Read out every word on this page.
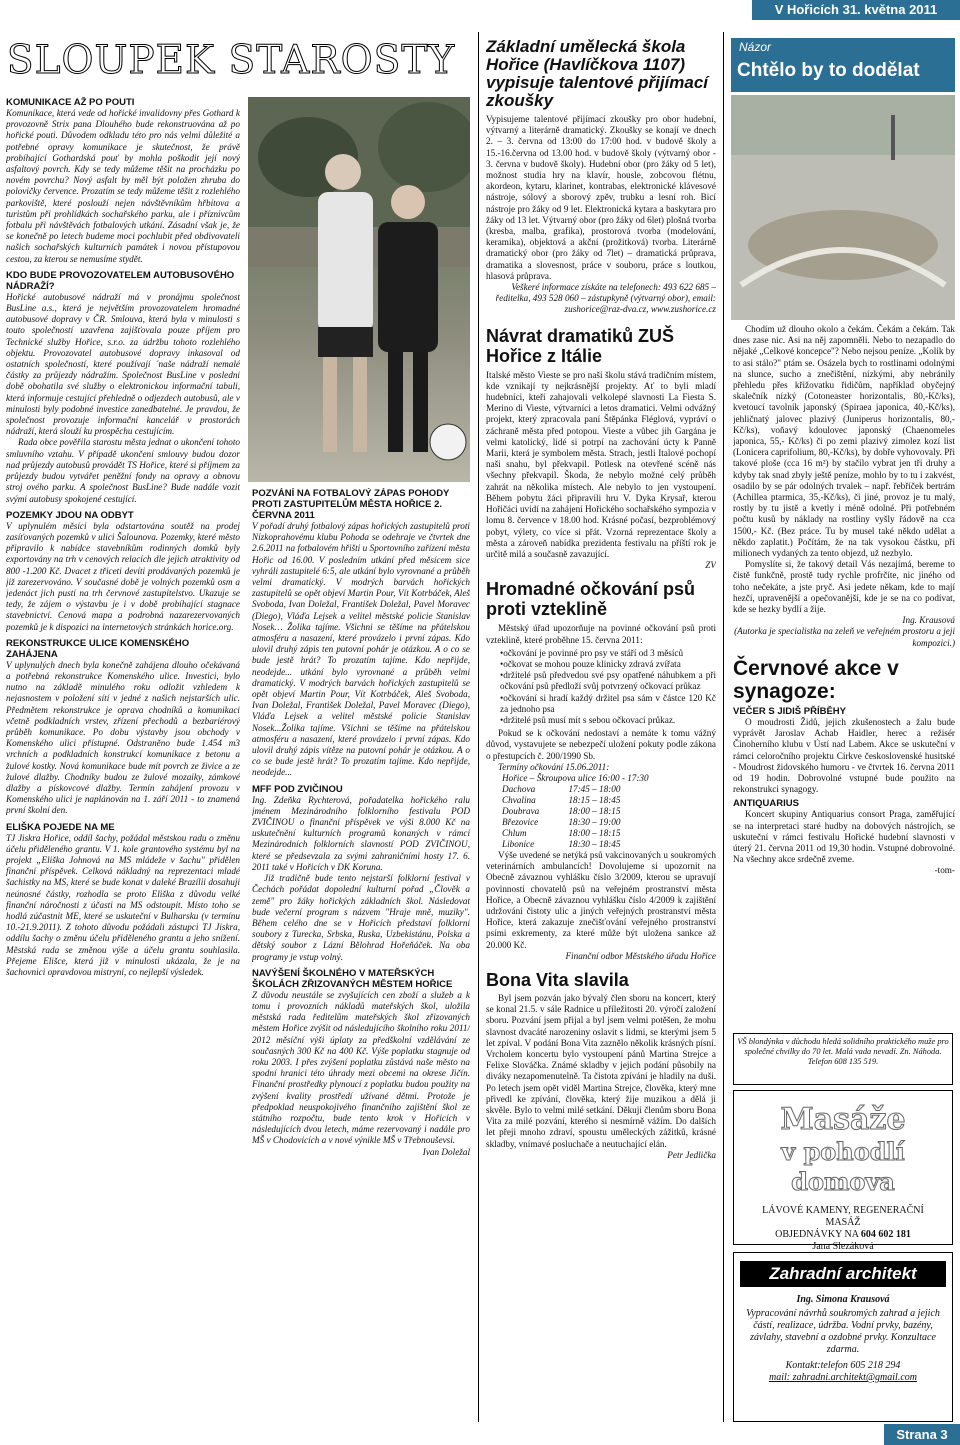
V Hořicích 31. května 2011
SLOUPEK STAROSTY
KOMUNIKACE AŽ PO POUTI

Komunikace, která vede od hořické invalidovny přes Gothard k provozovně Strix pana Dlouhého bude rekonstruována až po hořické pouti. Důvodem odkladu této pro nás velmi důležité a potřebné opravy komunikace je skutečnost, že právě probíhající Gothardská pouť by mohla poškodit její nový asfaltový povrch. Kdy se tedy můžeme těšit na procházku po novém povrchu? Nový asfalt by měl být položen zhruba do polovičky července. Prozatím se tedy můžeme těšit z rozlehlého parkoviště, které poslouží nejen návštěvníkům hřbitova a turistům při prohlídkách sochařského parku, ale i příznivcům fotbalu při návštěvách fotbalových utkání. Zásadní však je, že se konečně po letech budeme moci pochlubit před obdivovateli našich sochařských kulturních památek i novou přístupovou cestou, za kterou se nemusíme stydět.

KDO BUDE PROVOZOVATELEM AUTOBUSOVÉHO NÁDRAŽÍ?

Hořické autobusové nádraží má v pronájmu společnost BusLine a.s., která je největším provozovatelem hromadné autobusové dopravy v ČR. Smlouva, která byla v minulosti s touto společností uzavřena zajišťovala pouze příjem pro Technické služby Hořice, s.r.o. za údržbu tohoto rozlehlého objektu. Provozovatel autobusové dopravy inkasoval od ostatních společností, které používají ´naše nádraží nemalé částky za průjezdy nádražím. Společnost BusLine v poslední době obohatila své služby o elektronickou informační tabuli, která informuje cestující přehledně o odjezdech autobusů, ale v minulosti byly podobné investice zanedbatelné. Je pravdou, že společnost provozuje informační kancelář v prostorách nádraží, která slouží ku prospěchu cestujícím.

Rada obce pověřila starostu města jednat o ukončení tohoto smluvního vztahu. V případě ukončení smlouvy budou dozor nad průjezdy autobusů provádět TS Hořice, které si příjmem za průjezdy budou vytvářet peněžní fondy na opravy a obnovu stroj ového parku. A společnost BusLine? Bude nadále vozit svými autobusy spokojené cestující.

POZEMKY JDOU NA ODBYT

V uplynulém měsíci byla odstartována soutěž na prodej zasíťovaných pozemků v ulici Šalounova. Pozemky, které město připravilo k nabídce stavebníkům rodinných domků byly exportovány na trh v cenových relacích dle jejich atraktivity od 800 -1.200 Kč. Dvacet z třiceti devíti prodávaných pozemků je již zarezervováno. V současné době je volných pozemků osm a jedenáct jich pustí na trh červnové zastupitelstvo. Ukazuje se tedy, že zájem o výstavbu je i v době probíhající stagnace stavebnictví. Cenová mapa a podrobná nazarezervovaných pozemků je k dispozici na internetových stránkách horice.org.

REKONSTRUKCE ULICE KOMENSKÉHO ZAHÁJENA

V uplynulých dnech byla konečně zahájena dlouho očekávaná a potřebná rekonstrukce Komenského ulice. Investici, bylo nutno na základě minulého roku odložit vzhledem k nejasnostem v položení sítí v jedné z našich nejstarších ulic. Předmětem rekonstrukce je oprava chodníků a komunikací včetně podkladních vrstev, zřízení přechodů a bezbariérový průběh komunikace. Po dobu výstavby jsou obchody v Komenského ulici přístupné. Odstraněno bude 1.454 m3 vrchních a podkladních konstrukcí komunikace z betonu a žulové kostky. Nová komunikace bude mít povrch ze živice a ze žulové dlažby. Chodníky budou ze žulové mozaiky, zámkové dlažby a pískovcové dlažby. Termín zahájení provozu v Komenského ulici je naplánován na 1. září 2011 - to znamená první školní den.

ELIŠKA POJEDE NA ME

TJ Jiskra Hořice, oddíl šachy, požádal městskou radu o změnu účelu přiděleného grantu. V 1. kole grantového systému byl na projekt „Eliška Johnová na MS mládeže v šachu" přidělen finanční příspěvek. Celková nákladný na reprezentaci mladé šachistky na MS, které se bude konat v daleké Brazílii dosahují neúnosné částky, rozhodla se proto Eliška z důvodu velké finanční náročnosti z účasti na MS odstoupit. Místo toho se hodlá zúčastnit ME, které se uskuteční v Bulharsku (v termínu 10.-21.9.2011). Z tohoto důvodu požádali zástupci TJ Jiskra, oddílu šachy o změnu účelu přiděleného grantu a jeho snížení. Městská rada se změnou výše a účelu grantu souhlasila. Přejeme Elišce, která již v minulosti ukázala, že je na šachovnici opravdovou mistryní, co nejlepší výsledek.

POZVÁNÍ NA FOTBALOVÝ ZÁPAS POHODY PROTI ZASTUPITELŮM MĚSTA HOŘICE 2. ČERVNA 2011

V pořadí druhý fotbalový zápas hořických zastupitelů proti Nízkoprahovému klubu Pohoda se odehraje ve čtvrtek dne 2.6.2011 na fotbalovém hřišti u Sportovního zařízení města Hořic od 16.00. V posledním utkání před měsícem sice vyhráli zastupitelé 6:5, ale utkání bylo vyrovnané a průběh velmi dramatický. V modrých barvách hořických zastupitelů se opět objeví Martin Pour, Vít Kotrbáček, Aleš Svoboda, Ivan Doležal, František Doležal, Pavel Moravec (Diego), Vláďa Lejsek a velitel městské policie Stanislav Nosek… Žolika tajíme. Všichni se těšíme na přátelskou atmosféru a nasazení, které provázelo i první zápas. Kdo ulovil druhý zápis ten putovní pohár je otázkou. A o co se bude jestě hrát? To prozatím tajíme. Kdo nepřijde, neodejde... utkání bylo vyrovnané a průběh velmi dramatický. V modrých barvách hořických zastupitelů se opět objeví Martin Pour, Vít Kotrbáček, Aleš Svoboda, Ivan Doležal, František Doležal, Pavel Moravec (Diego), Vláďa Lejsek a velitel městské policie Stanislav Nosek...Žolika tajíme. Všichni se těšíme na přátelskou atmosféru a nasazení, které provázelo i první zápas. Kdo ulovil druhý zápis vítěze na putovní pohár je otázkou. A o co se bude jestě hrát? To prozatím tajíme. Kdo nepřijde, neodejde...

MFF POD ZVIČINOU

Ing. Zdeňka Rychterová, pořadatelka hořického ralu jménem Mezinárodního folklorního festivalu POD ZVIČINOU o finanční příspěvek ve výši 8.000 Kč na uskutečnění kulturních programů konaných v rámci Mezinárodních folklorních slavností POD ZVIČINOU, které se předsevzala za svými zahraničními hosty 17. 6. 2011 také v Hořicích v DK Koruna.

Již tradičně bude tento nejstarší folklorní festival v Čechách pořádat dopolední kulturní pořad „Člověk a země" pro žáky hořických základních škol. Následovat bude večerní program s názvem "Hraje mně, muziky". Během celého dne se v Hořicích představí folklorní soubory z Turecka, Srbska, Ruska, Uzbekistánu, Polska a dětský soubor z Lázní Bělohrad Hořeňáček. Na oba programy je vstup volný.

NAVÝŠENÍ ŠKOLNÉHO V MATEŘSKÝCH ŠKOLÁCH ZŘIZOVANÝCH MĚSTEM HOŘICE

Z důvodu neustále se zvyšujících cen zboží a služeb a k tomu i provozních nákladů mateřských škol, uložila městská rada ředitelům mateřských škol zřizovaných městem Hořice zvýšit od následujícího školního roku 2011/ 2012 měsíční výši úplaty za předškolní vzdělávání ze současných 300 Kč na 400 Kč. Výše poplatku stagnuje od roku 2003. I přes zvýšení poplatku zůstává naše město na spodní hranici této úhrady mezi obcemi na okrese Jičín. Finanční prostředky plynoucí z poplatku budou použity na zvýšení kvality prostředí užívané dětmi. Protože je předpoklad neuspokojivého finančního zajištění škol ze státního rozpočtu, bude tento krok v Hořicích v následujících dvou letech, máme rezervovaný i nadále pro MŠ v Chodovicích a v nové výnikle MŠ v Třebnouševsi.

Ivan Doležal

Základní umělecká škola Hořice (Havlíčkova 1107) vypisuje talentové přijímací zkoušky

Vypisujeme talentové přijímací zkoušky pro obor hudební, výtvarný a literárně dramatický. Zkoušky se konají ve dnech 2. – 3. června od 13:00 do 17:00 hod. v budově školy a 15.-16.června od 13.00 hod. v budově školy (výtvarný obor - 3. června v budově školy). Hudební obor (pro žáky od 5 let), možnost studia hry na klavír, housle, zobcovou flétnu, akordeon, kytaru, klarinet, kontrabas, elektronické klávesové nástroje, sólový a sborový zpěv, trubku a lesní roh. Bicí nástroje pro žáky od 9 let. Elektronická kytara a baskytara pro žáky od 13 let. Výtvarný obor (pro žáky od 6let) plošná tvorba (kresba, malba, grafika), prostorová tvorba (modelování, keramika), objektová a akční (prožitková) tvorba. Literárně dramatický obor (pro žáky od 7let) – dramatická průprava, dramatika a slovesnost, práce v souboru, práce s loutkou, hlasová průprava.

Veškeré informace získáte na telefonech: 493 622 685 – ředitelka, 493 528 060 – zástupkyně (výtvarný obor), email: zushorice@raz-dva.cz, www.zushorice.cz

Návrat dramatiků ZUŠ Hořice z Itálie

Italské město Vieste se pro naši školu stává tradičním místem, kde vznikají ty nejkrásnější projekty. Ať to byli mladí hudebníci, kteří zahajovali velkolepé slavnosti La Fiesta S. Merino di Vieste, výtvarníci a letos dramatici. Velmi odvážný projekt, který zpracovala paní Štěpánka Fléglová, vypráví o záchraně města před potopou. Vieste a vůbec jih Gargána je velmi katolický, lidé si potrpí na zachování úcty k Panně Marii, která je symbolem města. Strach, jestli Italové pochopí naši snahu, byl překvapil. Potlesk na otevřené scéně nás všechny překvapil. Škoda, že nebylo možné celý průběh zahrát na několika místech. Ale nebylo to jen vystoupení. Během pobytu žáci připravili hru V. Dyka Krysař, kterou Hořičáci uvidí na zahájení Hořického sochařského sympozia v lomu 8. července v 18.00 hod. Krásné počasí, bezproblémový pobyt, výlety, co více si přát. Vzorná reprezentace školy a města a zároveň nabídka prezidenta festivalu na příští rok je určitě milá a současně zavazující.

ZV

Hromadné očkování psů proti vzteklině

Městský úřad upozorňuje na povinné očkování psů proti vzteklině, které proběhne 15. června 2011:

• očkování je povinné pro psy ve stáří od 3 měsíců
• očkovat se mohou pouze klinicky zdravá zvířata
• držitelé psů předvedou své psy opatřené náhubkem a při očkování psů předloží svůj potvrzený očkovací průkaz
• očkování si hradí každý držitel psa sám v částce 120 Kč za jednoho psa
• držitelé psů musí mít s sebou očkovací průkaz.

Pokud se k očkování nedostaví a nemáte k tomu vážný důvod, vystavujete se nebezpečí uložení pokuty podle zákona o přestupcích č. 200/1990 Sb.

Termíny očkování 15.06.2011:

Hořice – Škroupova ulice 16:00 - 17:30	
Dachova	17:45 – 18:00
Chvalina	18:15 – 18:45
Doubrava	18:00 – 18:15
Březovice	18:30 – 19:00
Chlum	18:00 – 18:15
Libonice	18:30 – 18:45

Výše uvedené se netýká psů vakcinovaných u soukromých veterinárních ambulancích! Dovolujeme si upozornit na Obecně závaznou vyhlášku číslo 3/2009, kterou se upravují povinnosti chovatelů psů na veřejném prostranství města Hořice, a Obecně závaznou vyhlášku číslo 4/2009 k zajištění udržování čistoty ulic a jiných veřejných prostranství města Hořice, která zakazuje znečišťování veřejného prostranství psími exkrementy, za které může být uložena sankce až 20.000 Kč.

Finanční odbor Městského úřadu Hořice

Bona Vita slavila

Byl jsem pozván jako bývalý člen sboru na koncert, který se konal 21.5. v sále Radnice u příležitosti 20. výročí založení sboru. Pozvání jsem přijal a byl jsem velmi potěšen, že mohu slavnost dvacáté narozeniny oslavit s lidmi, se kterými jsem 5 let zpíval. V podání Bona Vita zaznělo několik krásných písní. Vrcholem koncertu bylo vystoupení pánů Martina Strejce a Felixe Slováčka. Známé skladby v jejich podání působily na diváky nezapomenutelně. Ta čistota zpívání je hladily na duši. Po letech jsem opět viděl Martina Strejce, člověka, který mne přivedl ke zpívání, člověka, který žije muzikou a dělá ji skvěle. Bylo to velmi milé setkání. Děkuji členům sboru Bona Vita za milé pozvání, kterého si nesmírně vážím. Do dalších let přeji mnoho zdraví, spoustu uměleckých zážitků, krásné skladby, vnímavé posluchače a neutuchající elán.

Petr Jedlička

Názor
Chtělo by to dodělat

Chodím už dlouho okolo a čekám. Čekám a čekám. Tak dnes zase nic. Asi na něj zapomněli. Nebo to nezapadlo do nějaké „Celkové koncepce"? Nebo nejsou peníze. „Kolik by to asi stálo?" ptám se. Osázela bych to rostlinami odolnými na slunce, sucho a znečištění, nízkými, aby nebránily přehledu přes křižovatku řidičům, například obyčejný skalečník nízký (Cotoneaster horizontalis, 80,-Kč/ks), kvetoucí tavolník japonský (Spiraea japonica, 40,-Kč/ks), jehličnatý jalovec plazivý (Juniperus horizontalis, 80,-Kč/ks), voňavý kdoulovec japonský (Chaenomeles japonica, 55,- Kč/ks) či po zemi plazivý zimolez kozí list (Lonicera caprifolium, 80,-Kč/ks), by dobře vyhovovaly. Při takové ploše (cca 16 m²) by stačilo vybrat jen tři druhy a kdyby tak snad zbyly ještě peníze, mohlo by to tu i zakvést, osadilo by se pár odolných trvalek – např. řebříček bertrám (Achillea ptarmica, 35,-Kč/ks), či jiné, provoz je tu malý, rostly by tu jistě a kvetly i méně odolné. Při potřebném počtu kusů by náklady na rostliny vyšly řádově na cca 1500,- Kč. (Bez práce. Tu by musel také někdo udělat a někdo zaplatit.) Počítám, že na tak vysokou částku, při milionech vydaných za tento objezd, už nezbylo.

Pomyslíte si, že takový detail Vás nezajímá, bereme to čistě funkčně, prostě tudy rychle profrčíte, nic jiného od toho nečekáte, a jste pryč. Asi jedete někam, kde to mají hezčí, upravenější a opečovanější, kde je se na co podívat, kde se hezky bydlí a žije.

Ing. Krausová

(Autorka je specialistka na zeleň ve veřejném prostoru a její kompozici.)

Červnové akce v synagoze:
VEČER S JIDIŠ PŘÍBĚHY

O moudrosti Židů, jejich zkušenostech a žalu bude vyprávět Jaroslav Achab Haidler, herec a režisér Činoherního klubu v Ústí nad Labem. Akce se uskuteční v rámci celoročního projektu Církve československé husitské - Moudrost židovského humoru - ve čtvrtek 16. června 2011 od 19 hodin. Dobrovolné vstupné bude použito na rekonstrukci synagogy.

ANTIQUARIUS

Koncert skupiny Antiquarius consort Praga, zaměřující se na interpretaci staré hudby na dobových nástrojích, se uskuteční v rámci festivalu Hořické hudební slavnosti v úterý 21. června 2011 od 19,30 hodin. Vstupné dobrovolné. Na všechny akce srdečně zveme.

-tom-

VŠ blondýnka v důchodu hledá solidního praktického muže pro společné chvilky do 70 let. Malá vada nevadí. Zn. Náhoda. Telefon 608 135 519.

Masáže
v pohodlí domova
LÁVOVÉ KAMENY, REGENERAČNÍ MASÁŽ
OBJEDNÁVKY NA 604 602 181
Jana Slezáková
Zahradní architekt
Ing. Simona Krausová
Vypracování návrhů soukromých zahrad a jejich částí, realizace, údržba. Vodní prvky, bazény, závlahy, stavební a ozdobné prvky. Konzultace zdarma.
Kontakt:telefon 605 218 294
mail: zahradni.architekt@gmail.com
Strana 3
